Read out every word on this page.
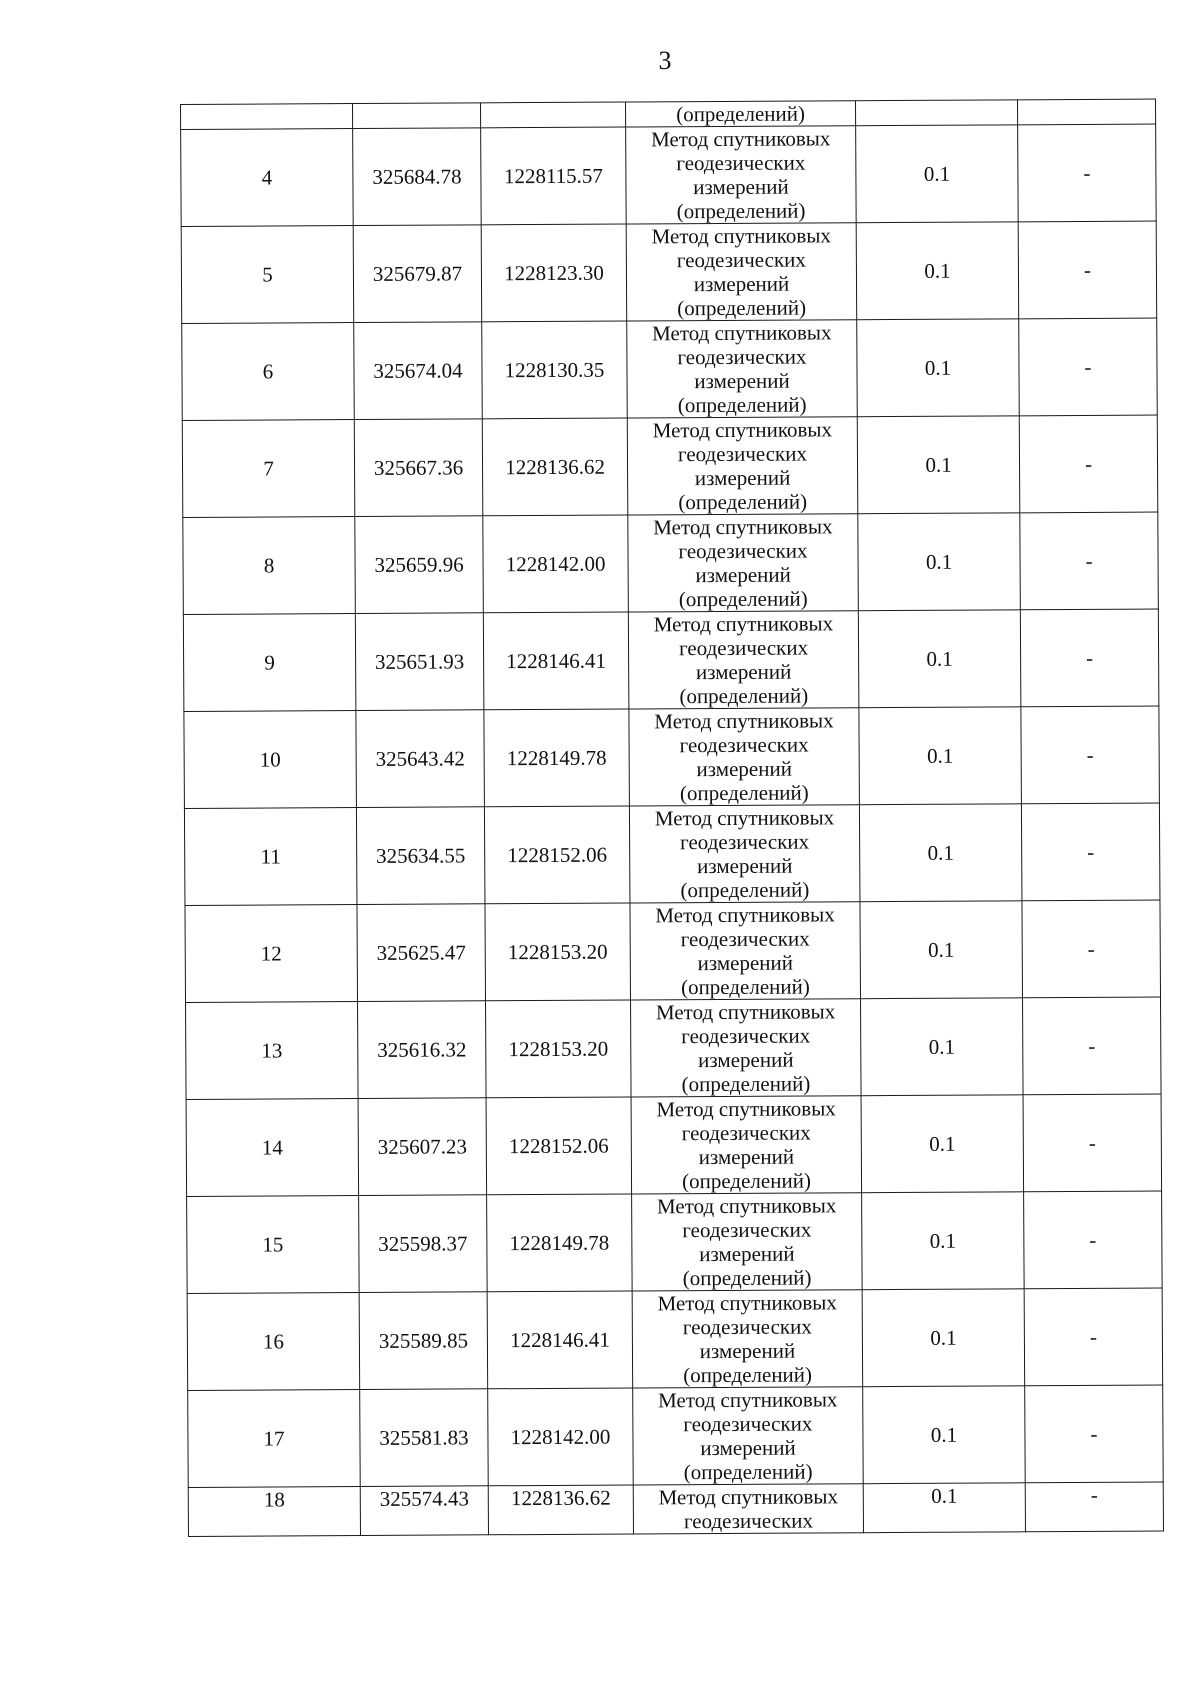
3
			(определений)		
4	325684.78	1228115.57	Метод спутниковых
геодезических
измерений
(определений)	0.1	-
5	325679.87	1228123.30	Метод спутниковых
геодезических
измерений
(определений)	0.1	-
6	325674.04	1228130.35	Метод спутниковых
геодезических
измерений
(определений)	0.1	-
7	325667.36	1228136.62	Метод спутниковых
геодезических
измерений
(определений)	0.1	-
8	325659.96	1228142.00	Метод спутниковых
геодезических
измерений
(определений)	0.1	-
9	325651.93	1228146.41	Метод спутниковых
геодезических
измерений
(определений)	0.1	-
10	325643.42	1228149.78	Метод спутниковых
геодезических
измерений
(определений)	0.1	-
11	325634.55	1228152.06	Метод спутниковых
геодезических
измерений
(определений)	0.1	-
12	325625.47	1228153.20	Метод спутниковых
геодезических
измерений
(определений)	0.1	-
13	325616.32	1228153.20	Метод спутниковых
геодезических
измерений
(определений)	0.1	-
14	325607.23	1228152.06	Метод спутниковых
геодезических
измерений
(определений)	0.1	-
15	325598.37	1228149.78	Метод спутниковых
геодезических
измерений
(определений)	0.1	-
16	325589.85	1228146.41	Метод спутниковых
геодезических
измерений
(определений)	0.1	-
17	325581.83	1228142.00	Метод спутниковых
геодезических
измерений
(определений)	0.1	-
18	325574.43	1228136.62	Метод спутниковых
геодезических	0.1	-
